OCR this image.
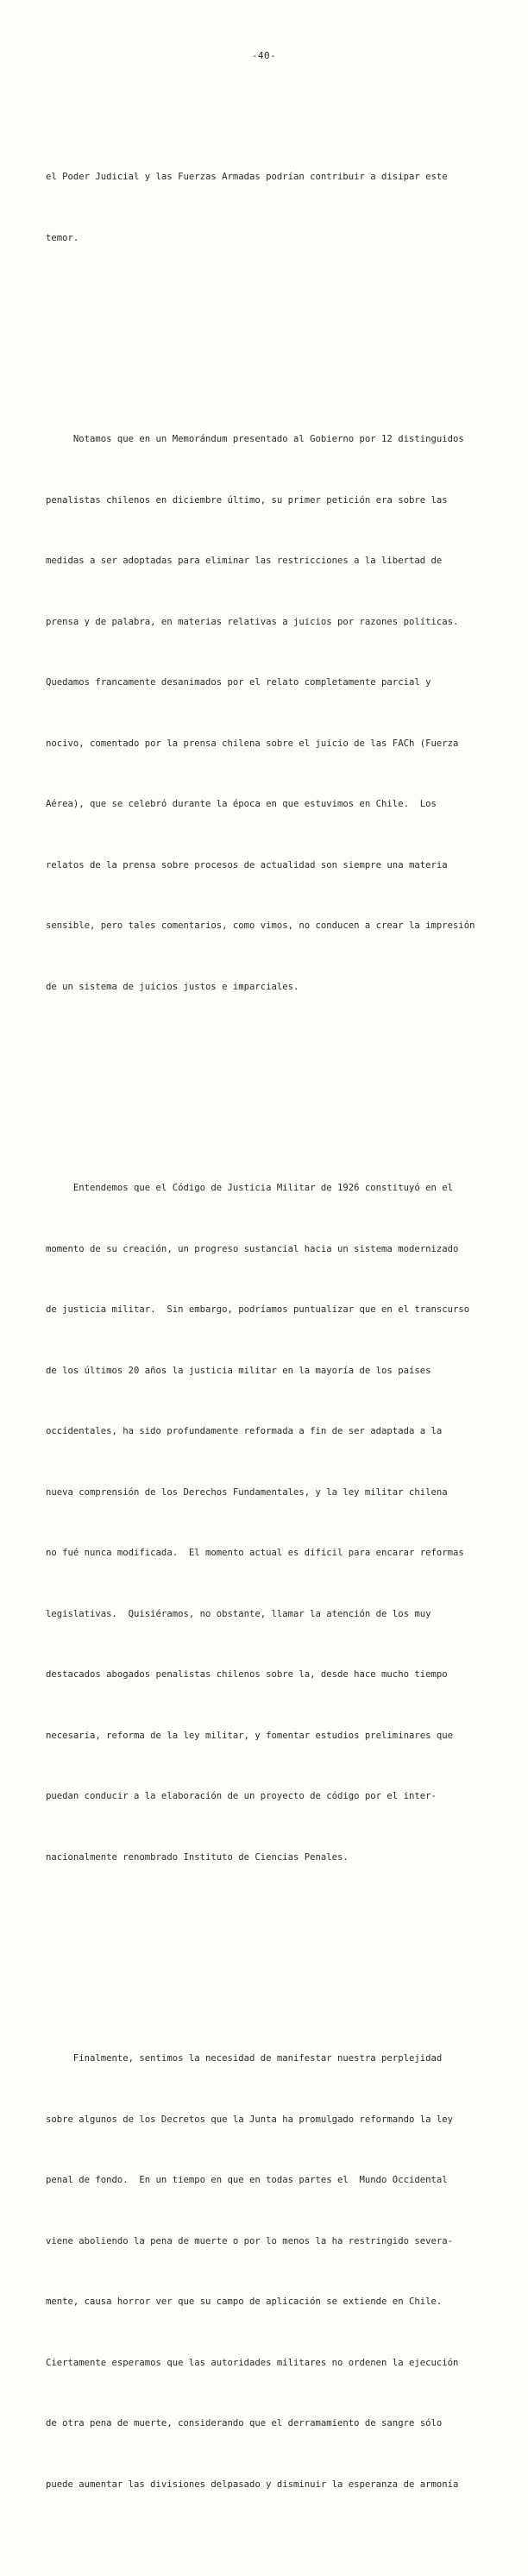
-40-

el Poder Judicial y las Fuerzas Armadas podrían contribuir a disipar este

temor.

Notamos que en un Memorándum presentado al Gobierno por 12 distinguidos

penalistas chilenos en diciembre último, su primer petición era sobre las

medidas a ser adoptadas para eliminar las restricciones a la libertad de

prensa y de palabra, en materias relativas a juicios por razones políticas.

Quedamos francamente desanimados por el relato completamente parcial y

nocivo, comentado por la prensa chilena sobre el juicio de las FACh (Fuerza

Aérea), que se celebró durante la época en que estuvimos en Chile.  Los

relatos de la prensa sobre procesos de actualidad son siempre una materia

sensible, pero tales comentarios, como vimos, no conducen a crear la impresión

de un sistema de juicios justos e imparciales.

Entendemos que el Código de Justicia Militar de 1926 constituyó en el

momento de su creación, un progreso sustancial hacia un sistema modernizado

de justicia militar.  Sin embargo, podríamos puntualizar que en el transcurso

de los últimos 20 años la justicia militar en la mayoría de los países

occidentales, ha sido profundamente reformada a fin de ser adaptada a la

nueva comprensión de los Derechos Fundamentales, y la ley militar chilena

no fué nunca modificada.  El momento actual es difícil para encarar reformas

legislativas.  Quisiéramos, no obstante, llamar la atención de los muy

destacados abogados penalistas chilenos sobre la, desde hace mucho tiempo

necesaria, reforma de la ley militar, y fomentar estudios preliminares que

puedan conducir a la elaboración de un proyecto de código por el inter-

nacionalmente renombrado Instituto de Ciencias Penales.

Finalmente, sentimos la necesidad de manifestar nuestra perplejidad

sobre algunos de los Decretos que la Junta ha promulgado reformando la ley

penal de fondo.  En un tiempo en que en todas partes el  Mundo Occidental

viene aboliendo la pena de muerte o por lo menos la ha restringido severa-

mente, causa horror ver que su campo de aplicación se extiende en Chile.

Ciertamente esperamos que las autoridades militares no ordenen la ejecución

de otra pena de muerte, considerando que el derramamiento de sangre sólo

puede aumentar las divisiones delpasado y disminuir la esperanza de armonía
